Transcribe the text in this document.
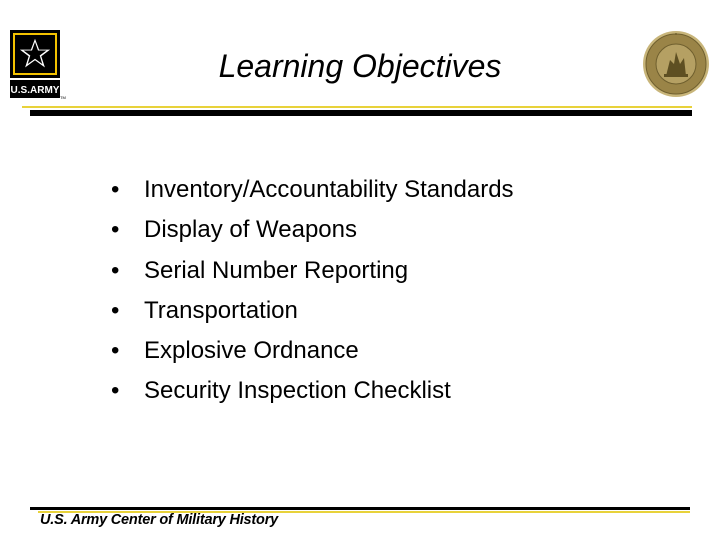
U.S.ARMY
TM
Learning Objectives
• Inventory/Accountability Standards
• Display of Weapons
• Serial Number Reporting
• Transportation
• Explosive Ordnance
• Security Inspection Checklist
U.S. Army Center of Military History
